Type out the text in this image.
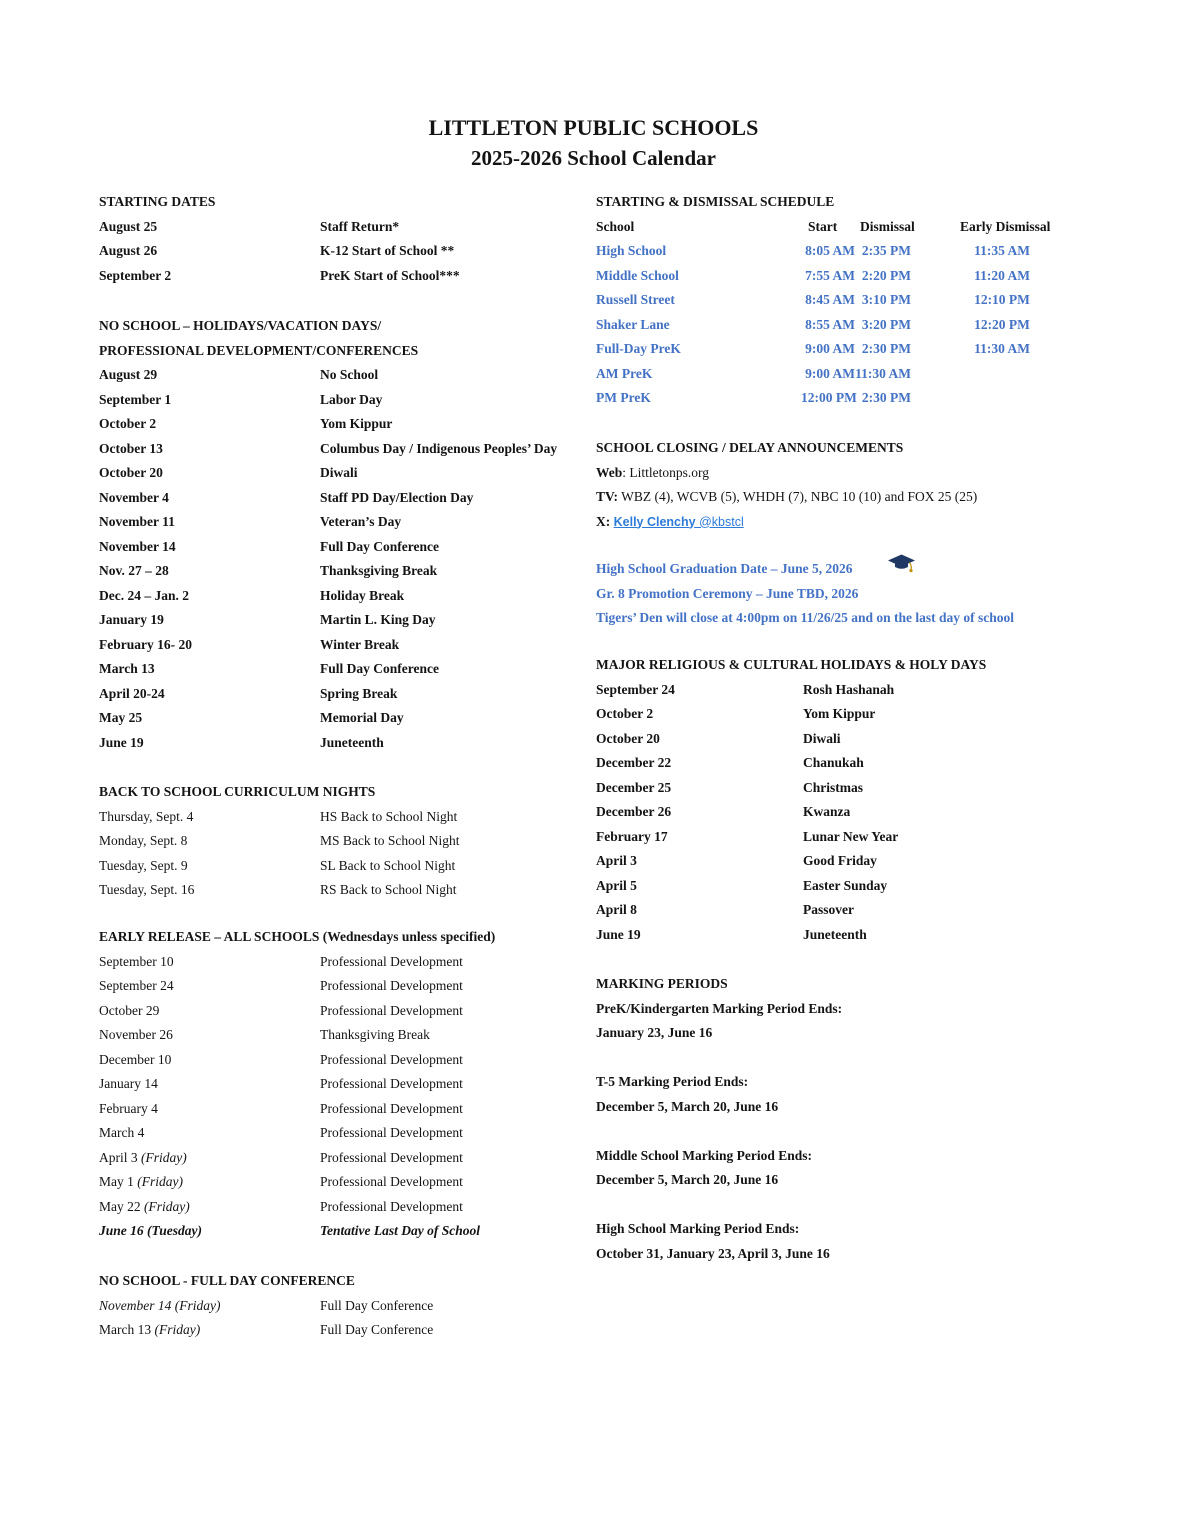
LITTLETON PUBLIC SCHOOLS
2025-2026 School Calendar
STARTING DATES
August 25	Staff Return*
August 26	K-12 Start of School **
September 2	PreK Start of School***
NO SCHOOL – HOLIDAYS/VACATION DAYS/
PROFESSIONAL DEVELOPMENT/CONFERENCES
August 29	No School
September 1	Labor Day
October 2	Yom Kippur
October 13	Columbus Day / Indigenous Peoples’ Day
October 20	Diwali
November 4	Staff PD Day/Election Day
November 11	Veteran’s Day
November 14	Full Day Conference
Nov. 27 – 28	Thanksgiving Break
Dec. 24 – Jan. 2	Holiday Break
January 19	Martin L. King Day
February 16- 20	Winter Break
March 13	Full Day Conference
April 20-24	Spring Break
May 25	Memorial Day
June 19	Juneteenth
BACK TO SCHOOL CURRICULUM NIGHTS
Thursday, Sept. 4	HS Back to School Night
Monday, Sept. 8	MS Back to School Night
Tuesday, Sept. 9	SL Back to School Night
Tuesday, Sept. 16	RS Back to School Night
EARLY RELEASE – ALL SCHOOLS (Wednesdays unless specified)
September 10	Professional Development
September 24	Professional Development
October 29	Professional Development
November 26	Thanksgiving Break
December 10	Professional Development
January 14	Professional Development
February 4	Professional Development
March 4	Professional Development
April 3 (Friday)	Professional Development
May 1 (Friday)	Professional Development
May 22 (Friday)	Professional Development
June 16 (Tuesday)	Tentative Last Day of School
NO SCHOOL - FULL DAY CONFERENCE
November 14 (Friday)	Full Day Conference
March 13 (Friday)	Full Day Conference
STARTING & DISMISSAL SCHEDULE
School	Start	Dismissal	Early Dismissal
High School	8:05 AM 2:35 PM	11:35 AM
Middle School	7:55 AM 2:20 PM	11:20 AM
Russell Street	8:45 AM 3:10 PM	12:10 PM
Shaker Lane	8:55 AM 3:20 PM	12:20 PM
Full-Day PreK	9:00 AM 2:30 PM	11:30 AM
AM PreK	9:00 AM 11:30 AM
PM PreK	12:00 PM 2:30 PM
SCHOOL CLOSING / DELAY ANNOUNCEMENTS
Web: Littletonps.org
TV: WBZ (4), WCVB (5), WHDH (7), NBC 10 (10) and FOX 25 (25)
X: Kelly Clenchy @kbstcl
High School Graduation Date – June 5, 2026
Gr. 8 Promotion Ceremony – June TBD, 2026
Tigers’ Den will close at 4:00pm on 11/26/25 and on the last day of school
MAJOR RELIGIOUS & CULTURAL HOLIDAYS & HOLY DAYS
September 24	Rosh Hashanah
October 2	Yom Kippur
October 20	Diwali
December 22	Chanukah
December 25	Christmas
December 26	Kwanza
February 17	Lunar New Year
April 3	Good Friday
April 5	Easter Sunday
April 8	Passover
June 19	Juneteenth
MARKING PERIODS
PreK/Kindergarten Marking Period Ends:
January 23, June 16
T-5 Marking Period Ends:
December 5, March 20, June 16
Middle School Marking Period Ends:
December 5, March 20, June 16
High School Marking Period Ends:
October 31, January 23, April 3, June 16
